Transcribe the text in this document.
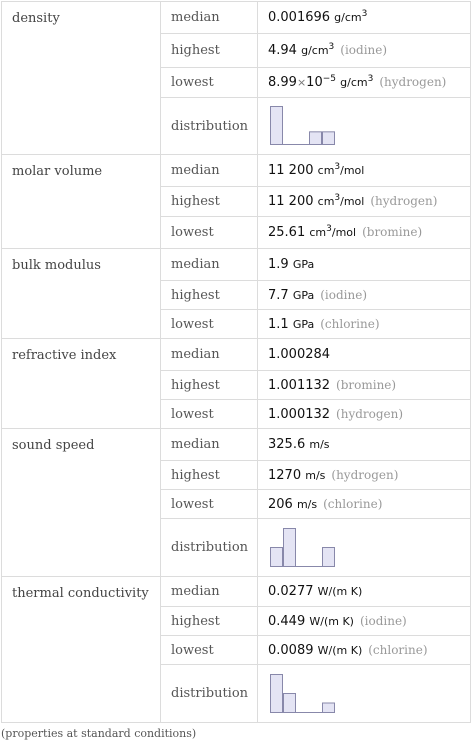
density	median	0.001696 $g/cm^3$
	highest	4.94 $g/cm^3$ (iodine)
	lowest	$8.99\times 10^{-5}$ $g/cm^3$ (hydrogen)
	distribution	

molar volume	median	11 200 $cm^3$/mol
	highest	11 200 $cm^3$/mol (hydrogen)
	lowest	25.61 $cm^3$/mol (bromine)
bulk modulus	median	1.9 GPa
	highest	7.7 GPa (iodine)
	lowest	1.1 GPa (chlorine)
refractive index	median	1.000284
	highest	1.001132 (bromine)
	lowest	1.000132 (hydrogen)
sound speed	median	325.6 m/s
	highest	1270 m/s (hydrogen)
	lowest	206 m/s (chlorine)
	distribution	

thermal conductivity	median	0.0277 W/(m K)
	highest	0.449 W/(m K) (iodine)
	lowest	0.0089 W/(m K) (chlorine)
	distribution	
(properties at standard conditions)
